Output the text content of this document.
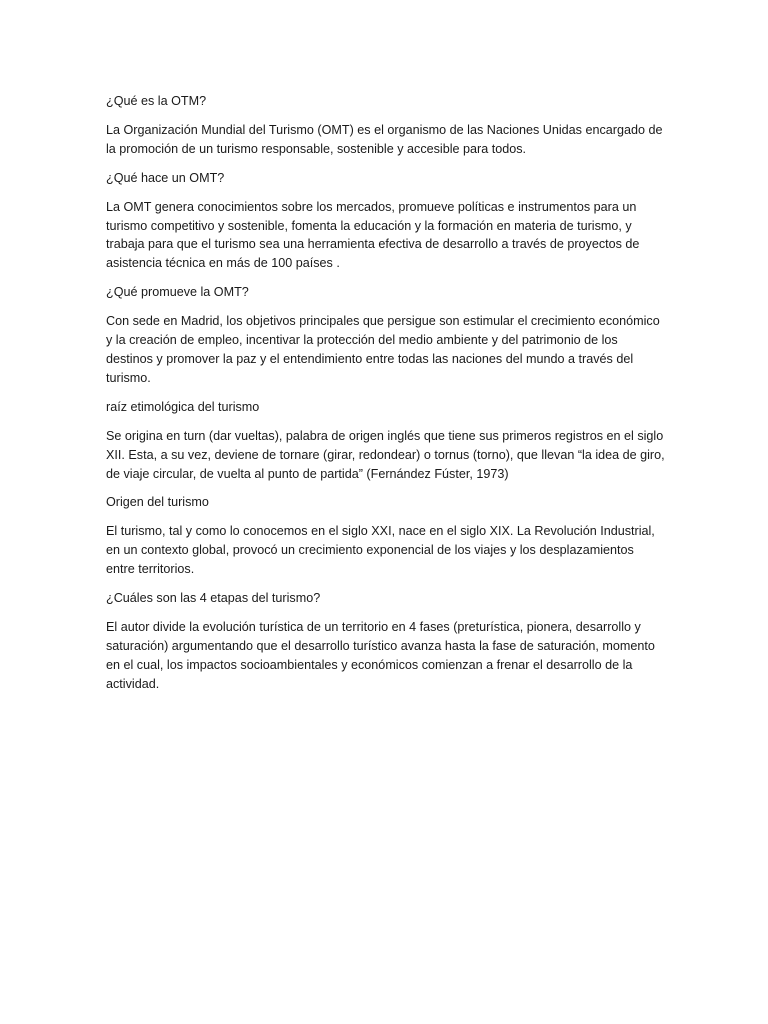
¿Qué es la OTM?

La Organización Mundial del Turismo (OMT) es el organismo de las Naciones Unidas encargado de la promoción de un turismo responsable, sostenible y accesible para todos.

¿Qué hace un OMT?

La OMT genera conocimientos sobre los mercados, promueve políticas e instrumentos para un turismo competitivo y sostenible, fomenta la educación y la formación en materia de turismo, y trabaja para que el turismo sea una herramienta efectiva de desarrollo a través de proyectos de asistencia técnica en más de 100 países .

¿Qué promueve la OMT?

Con sede en Madrid, los objetivos principales que persigue son estimular el crecimiento económico y la creación de empleo, incentivar la protección del medio ambiente y del patrimonio de los destinos y promover la paz y el entendimiento entre todas las naciones del mundo a través del turismo.

raíz etimológica del turismo

Se origina en turn (dar vueltas), palabra de origen inglés que tiene sus primeros registros en el siglo XII. Esta, a su vez, deviene de tornare (girar, redondear) o tornus (torno), que llevan “la idea de giro, de viaje circular, de vuelta al punto de partida” (Fernández Fúster, 1973)

Origen del turismo

El turismo, tal y como lo conocemos en el siglo XXI, nace en el siglo XIX. La Revolución Industrial, en un contexto global, provocó un crecimiento exponencial de los viajes y los desplazamientos entre territorios.

¿Cuáles son las 4 etapas del turismo?

El autor divide la evolución turística de un territorio en 4 fases (preturística, pionera, desarrollo y saturación) argumentando que el desarrollo turístico avanza hasta la fase de saturación, momento en el cual, los impactos socioambientales y económicos comienzan a frenar el desarrollo de la actividad.
